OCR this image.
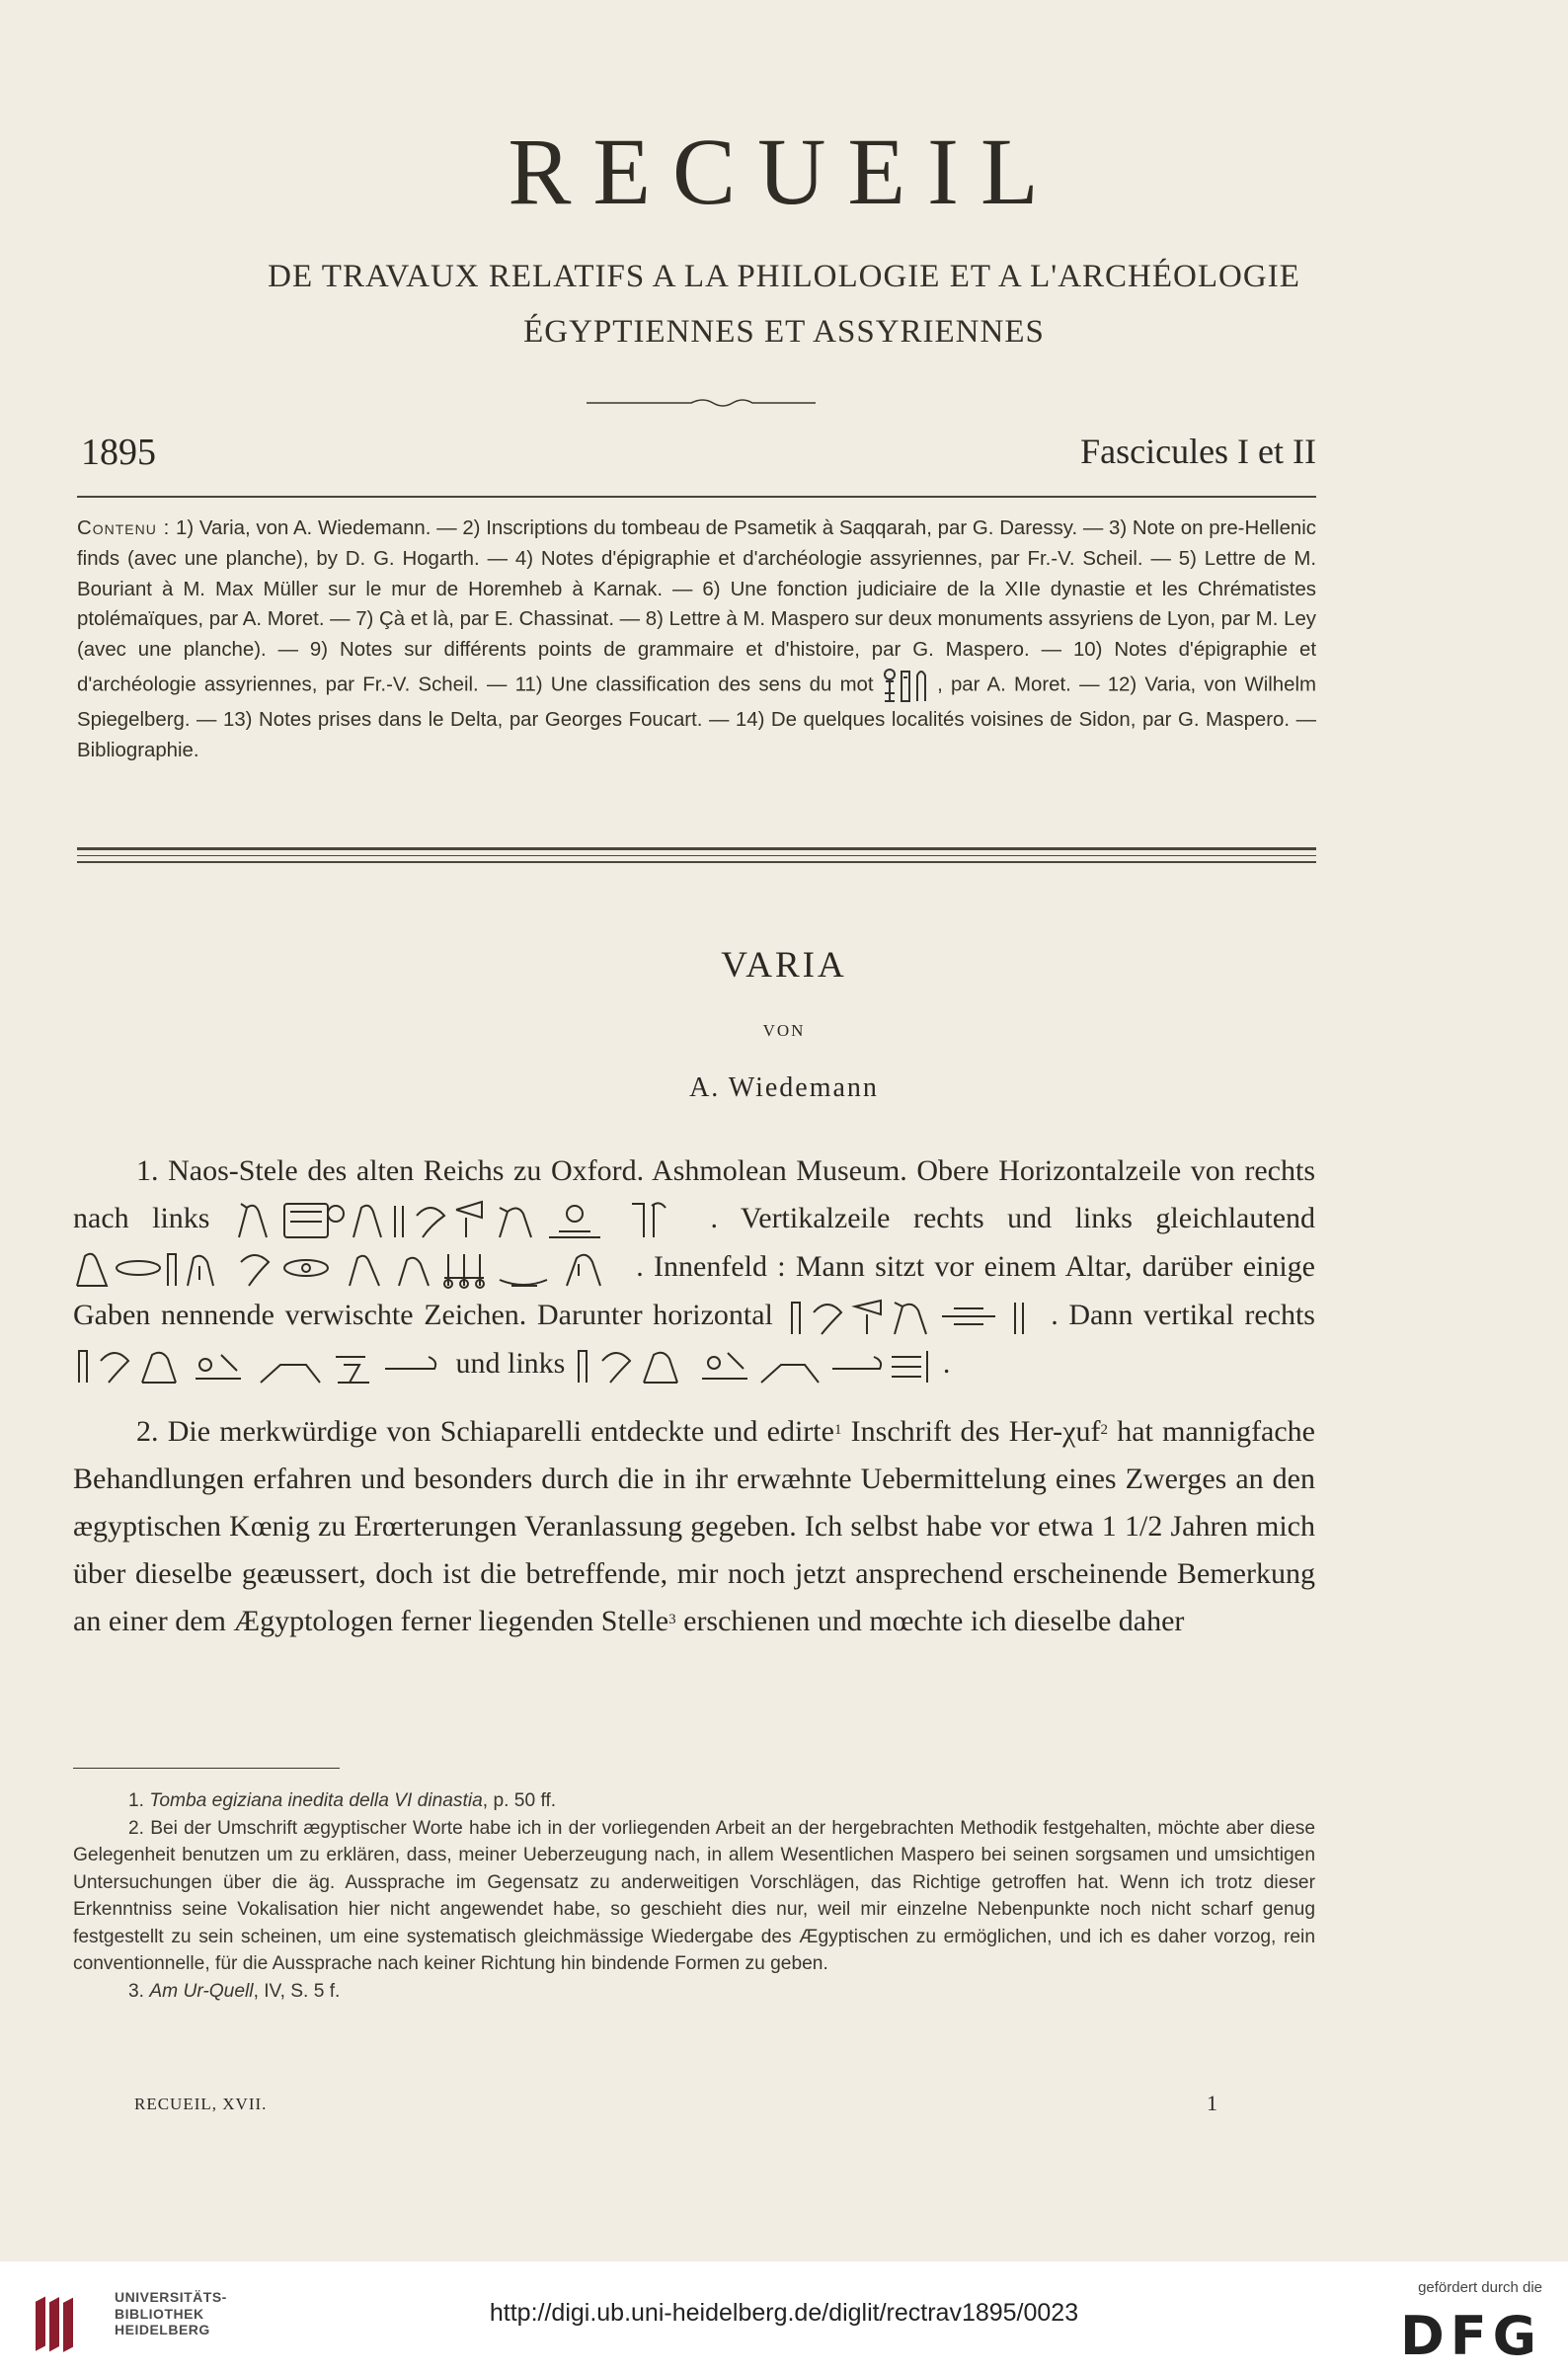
RECUEIL
DE TRAVAUX RELATIFS A LA PHILOLOGIE ET A L'ARCHÉOLOGIE
ÉGYPTIENNES ET ASSYRIENNES
1895	Fascicules I et II

Contenu : 1) Varia, von A. Wiedemann. — 2) Inscriptions du tombeau de Psametik à Saqqarah, par G. Daressy. — 3) Note on pre-Hellenic finds (avec une planche), by D. G. Hogarth. — 4) Notes d'épigraphie et d'archéologie assyriennes, par Fr.-V. Scheil. — 5) Lettre de M. Bouriant à M. Max Müller sur le mur de Horemheb à Karnak. — 6) Une fonction judiciaire de la XIIe dynastie et les Chrématistes ptolémaïques, par A. Moret. — 7) Çà et là, par E. Chassinat. — 8) Lettre à M. Maspero sur deux monuments assyriens de Lyon, par M. Ley (avec une planche). — 9) Notes sur différents points de grammaire et d'histoire, par G. Maspero. — 10) Notes d'épigraphie et d'archéologie assyriennes, par Fr.-V. Scheil. — 11) Une classification des sens du mot	, par A. Moret. — 12) Varia, von Wilhelm Spiegelberg. — 13) Notes prises dans le Delta, par Georges Foucart. — 14) De quelques localités voisines de Sidon, par G. Maspero. — Bibliographie.

VARIA
VON
A. Wiedemann

1. Naos-Stele des alten Reichs zu Oxford. Ashmolean Museum. Obere Horizontalzeile von rechts nach links	. Vertikalzeile rechts und links gleichlautend
. Innenfeld : Mann sitzt vor einem Altar, darüber einige Gaben nennende verwischte Zeichen. Darunter horizontal	. Dann vertikal rechts
und links
	.

2. Die merkwürdige von Schiaparelli entdeckte und edirte$^1$ Inschrift des Her-χuf$^2$ hat mannigfache Behandlungen erfahren und besonders durch die in ihr erwæhnte Uebermittelung eines Zwerges an den ægyptischen Kœnig zu Erœrterungen Veranlassung gegeben. Ich selbst habe vor etwa 1 1/2 Jahren mich über dieselbe geæussert, doch ist die betreffende, mir noch jetzt ansprechend erscheinende Bemerkung an einer dem Ægyptologen ferner liegenden Stelle$^3$ erschienen und mœchte ich dieselbe daher

1. Tomba egiziana inedita della VI dinastia, p. 50 ff.

2. Bei der Umschrift ægyptischer Worte habe ich in der vorliegenden Arbeit an der hergebrachten Methodik festgehalten, möchte aber diese Gelegenheit benutzen um zu erklären, dass, meiner Ueberzeugung nach, in allem Wesentlichen Maspero bei seinen sorgsamen und umsichtigen Untersuchungen über die äg. Aussprache im Gegensatz zu anderweitigen Vorschlägen, das Richtige getroffen hat. Wenn ich trotz dieser Erkenntniss seine Vokalisation hier nicht angewendet habe, so geschieht dies nur, weil mir einzelne Nebenpunkte noch nicht scharf genug festgestellt zu sein scheinen, um eine systematisch gleichmässige Wiedergabe des Ægyptischen zu ermöglichen, und ich es daher vorzog, rein conventionnelle, für die Aussprache nach keiner Richtung hin bindende Formen zu geben.

3. Am Ur-Quell, IV, S. 5 f.

RECUEIL, XVII.	1
UNIVERSITÄTS-
BIBLIOTHEK
HEIDELBERG
http://digi.ub.uni-heidelberg.de/diglit/rectrav1895/0023
gefördert durch die
DFG
